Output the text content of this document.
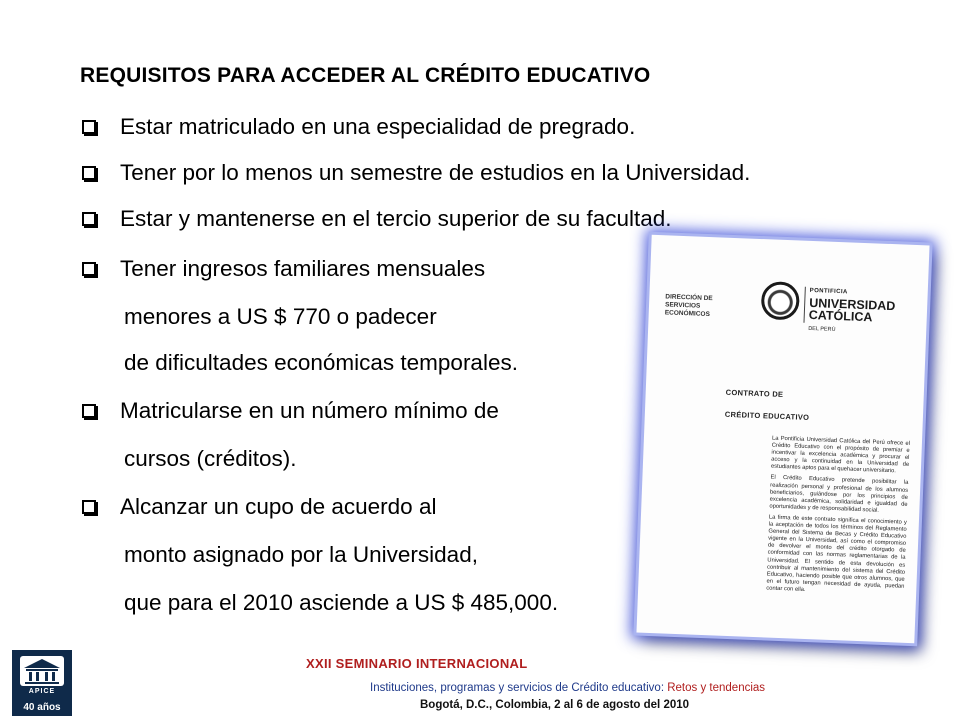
REQUISITOS PARA ACCEDER AL CRÉDITO EDUCATIVO
Estar matriculado en una especialidad de pregrado.
Tener por lo menos un semestre de estudios en la Universidad.
Estar y mantenerse en el tercio superior de su facultad.
Tener ingresos familiares mensuales
menores a US $ 770 o padecer
de dificultades económicas temporales.
Matricularse en un número mínimo de
cursos (créditos).
Alcanzar un cupo de acuerdo al
monto asignado por la Universidad,
que para el 2010 asciende a US $ 485,000.
DIRECCIÓN DE SERVICIOS ECONÓMICOS
PONTIFICIA
UNIVERSIDAD CATÓLICA
DEL PERÚ
CONTRATO DE
CRÉDITO EDUCATIVO

La Pontificia Universidad Católica del Perú ofrece el Crédito Educativo con el propósito de premiar e incentivar la excelencia académica y procurar el acceso y la continuidad en la Universidad de estudiantes aptos para el quehacer universitario.

El Crédito Educativo pretende posibilitar la realización personal y profesional de los alumnos beneficiarios, guiándose por los principios de excelencia académica, solidaridad e igualdad de oportunidades y de responsabilidad social.

La firma de este contrato significa el conocimiento y la aceptación de todos los términos del Reglamento General del Sistema de Becas y Crédito Educativo vigente en la Universidad, así como el compromiso de devolver el monto del crédito otorgado de conformidad con las normas reglamentarias de la Universidad. El sentido de esta devolución es contribuir al mantenimiento del sistema del Crédito Educativo, haciendo posible que otros alumnos, que en el futuro tengan necesidad de ayuda, puedan contar con ella.

APICE
40 años
XXII SEMINARIO INTERNACIONAL
Instituciones, programas y servicios de Crédito educativo: Retos y tendencias
Bogotá, D.C., Colombia, 2 al 6 de agosto del 2010
